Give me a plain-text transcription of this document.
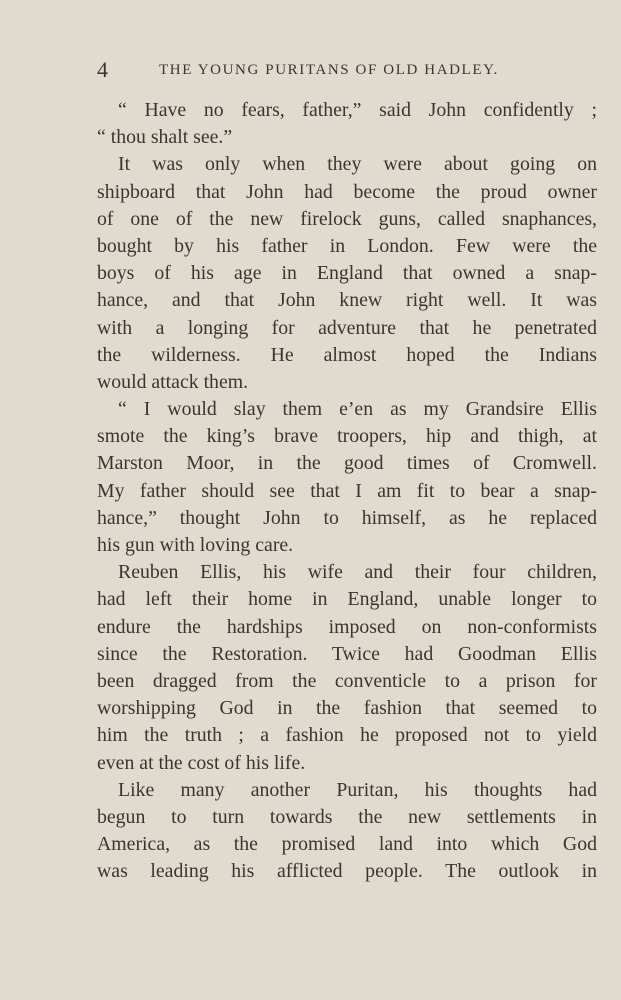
4	THE YOUNG PURITANS OF OLD HADLEY.
“ Have no fears, father,” said John confidently ;
“ thou shalt see.”
It was only when they were about going on
shipboard that John had become the proud owner
of one of the new firelock guns, called snaphances,
bought by his father in London. Few were the
boys of his age in England that owned a snap-
hance, and that John knew right well. It was
with a longing for adventure that he penetrated
the wilderness. He almost hoped the Indians
would attack them.
“ I would slay them e’en as my Grandsire Ellis
smote the king’s brave troopers, hip and thigh, at
Marston Moor, in the good times of Cromwell.
My father should see that I am fit to bear a snap-
hance,” thought John to himself, as he replaced
his gun with loving care.
Reuben Ellis, his wife and their four children,
had left their home in England, unable longer to
endure the hardships imposed on non-conformists
since the Restoration. Twice had Goodman Ellis
been dragged from the conventicle to a prison for
worshipping God in the fashion that seemed to
him the truth ; a fashion he proposed not to yield
even at the cost of his life.
Like many another Puritan, his thoughts had
begun to turn towards the new settlements in
America, as the promised land into which God
was leading his afflicted people. The outlook in
